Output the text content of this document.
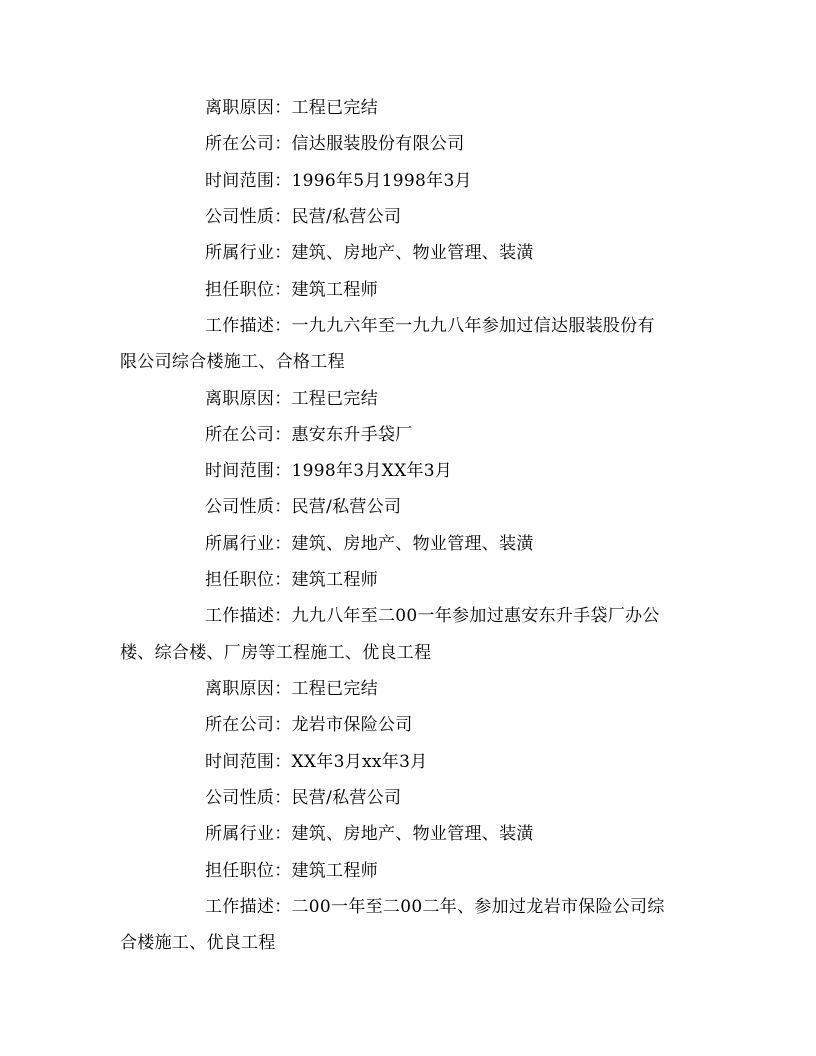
离职原因：工程已完结
所在公司：信达服装股份有限公司
时间范围：1996年5月1998年3月
公司性质：民营/私营公司
所属行业：建筑、房地产、物业管理、装潢
担任职位：建筑工程师
工作描述：一九九六年至一九九八年参加过信达服装股份有
限公司综合楼施工、合格工程
离职原因：工程已完结
所在公司：惠安东升手袋厂
时间范围：1998年3月XX年3月
公司性质：民营/私营公司
所属行业：建筑、房地产、物业管理、装潢
担任职位：建筑工程师
工作描述：九九八年至二00一年参加过惠安东升手袋厂办公
楼、综合楼、厂房等工程施工、优良工程
离职原因：工程已完结
所在公司：龙岩市保险公司
时间范围：XX年3月xx年3月
公司性质：民营/私营公司
所属行业：建筑、房地产、物业管理、装潢
担任职位：建筑工程师
工作描述：二00一年至二00二年、参加过龙岩市保险公司综
合楼施工、优良工程
